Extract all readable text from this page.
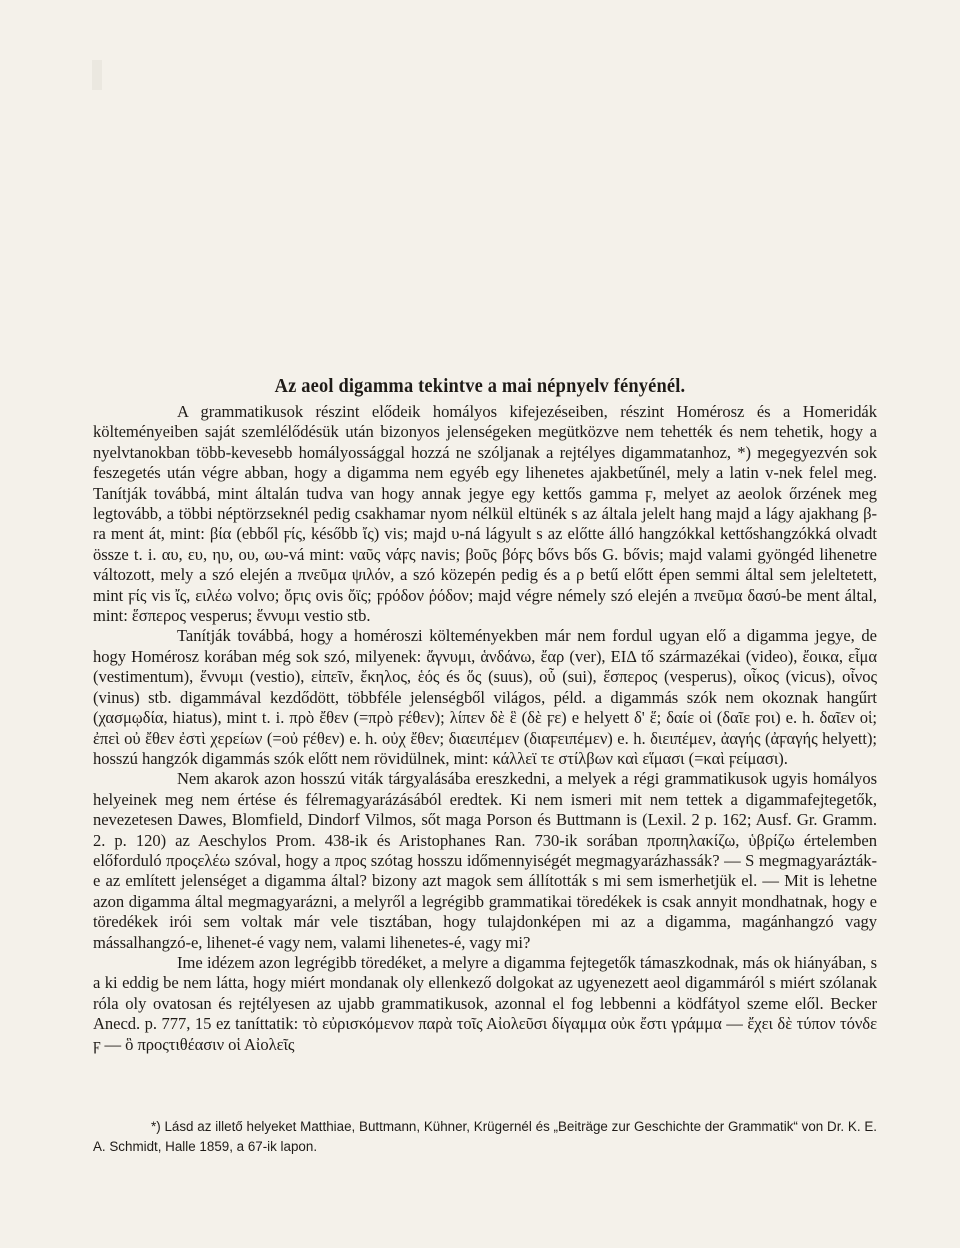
Az aeol digamma tekintve a mai népnyelv fényénél.

A grammatikusok részint elődeik homályos kifejezéseiben, részint Homérosz és a Homeridák költeményeiben saját szemlélődésük után bizonyos jelenségeken megütközve nem tehették és nem tehetik, hogy a nyelvtanokban több-kevesebb homályossággal hozzá ne szóljanak a rejtélyes digammatanhoz, *) megegyezvén sok feszegetés után végre abban, hogy a digamma nem egyéb egy lihenetes ajakbetűnél, mely a latin v-nek felel meg. Tanítják továbbá, mint általán tudva van hogy annak jegye egy kettős gamma ϝ, melyet az aeolok őrzének meg legtovább, a többi néptörzseknél pedig csakhamar nyom nélkül eltünék s az általa jelelt hang majd a lágy ajakhang β-ra ment át, mint: βία (ebből ϝίς, később ἴς) vis; majd υ-ná lágyult s az előtte álló hangzókkal kettőshangzókká olvadt össze t. i. αυ, ευ, ηυ, ου, ωυ-vá mint: ναῦς νάϝς navis; βοῦς βόϝς bővs bős G. bővis; majd valami gyöngéd lihenetre változott, mely a szó elején a πνεῦμα ψιλόν, a szó közepén pedig és a ρ betű előtt épen semmi által sem jeleltetett, mint ϝίς vis ἴς, ειλέω volvo; ὄϝις ovis ὄϊς; ϝρόδον ῥόδον; majd végre némely szó elején a πνεῦμα δασύ-be ment által, mint: ἕσπερος vesperus; ἕννυμι vestio stb.

Tanítják továbbá, hogy a homéroszi költeményekben már nem fordul ugyan elő a digamma jegye, de hogy Homérosz korában még sok szó, milyenek: ἄγνυμι, ἁνδάνω, ἔαρ (ver), ΕΙΔ tő származékai (video), ἔοικα, εἷμα (vestimentum), ἕννυμι (vestio), εἰπεῖν, ἔκηλος, ἑός és ὅς (suus), οὗ (sui), ἕσπερος (vesperus), οἶκος (vicus), οἶνος (vinus) stb. digammával kezdődött, többféle jelenségből világos, péld. a digammás szók nem okoznak hangűrt (χασμῳδία, hiatus), mint t. i. πρὸ ἔθεν (=πρὸ ϝέθεν); λίπεν δὲ ἓ (δὲ ϝε) e helyett δ' ἕ; δαίε οἱ (δαῖε ϝοι) e. h. δαῖεν οἱ; ἐπεὶ οὐ ἔθεν ἐστὶ χερείων (=οὐ ϝέθεν) e. h. οὐχ ἔθεν; διαειπέμεν (διαϝειπέμεν) e. h. διειπέμεν, ἀαγής (ἀϝαγής helyett); hosszú hangzók digammás szók előtt nem rövidülnek, mint: κάλλεϊ τε στίλβων καὶ εἵμασι (=καὶ ϝείμασι).

Nem akarok azon hosszú viták tárgyalásába ereszkedni, a melyek a régi grammatikusok ugyis homályos helyeinek meg nem értése és félremagyarázásából eredtek. Ki nem ismeri mit nem tettek a digammafejtegetők, nevezetesen Dawes, Blomfield, Dindorf Vilmos, sőt maga Porson és Buttmann is (Lexil. 2 p. 162; Ausf. Gr. Gramm. 2. p. 120) az Aeschylos Prom. 438-ik és Aristophanes Ran. 730-ik sorában προπηλακίζω, ὑβρίζω értelemben előforduló προςελέω szóval, hogy a προς szótag hosszu időmennyiségét megmagyarázhassák? — S megmagyarázták-e az említett jelenséget a digamma által? bizony azt magok sem állították s mi sem ismerhetjük el. — Mit is lehetne azon digamma által megmagyarázni, a melyről a legrégibb grammatikai töredékek is csak annyit mondhatnak, hogy e töredékek irói sem voltak már vele tisztában, hogy tulajdonképen mi az a digamma, magánhangzó vagy mássalhangzó-e, lihenet-é vagy nem, valami lihenetes-é, vagy mi?

Ime idézem azon legrégibb töredéket, a melyre a digamma fejtegetők támaszkodnak, más ok hiányában, s a ki eddig be nem látta, hogy miért mondanak oly ellenkező dolgokat az ugyenezett aeol digammáról s miért szólanak róla oly ovatosan és rejtélyesen az ujabb grammatikusok, azonnal el fog lebbenni a ködfátyol szeme elől. Becker Anecd. p. 777, 15 ez taníttatik: τὸ εὐρισκόμενον παρὰ τοῖς Αἰολεῦσι δίγαμμα οὐκ ἔστι γράμμα — ἔχει δὲ τύπον τόνδε ϝ — ὃ προςτιθέασιν οἱ Αἰολεῖς

*) Lásd az illető helyeket Matthiae, Buttmann, Kühner, Krügernél és „Beiträge zur Geschichte der Grammatik“ von Dr. K. E. A. Schmidt, Halle 1859, a 67-ik lapon.
